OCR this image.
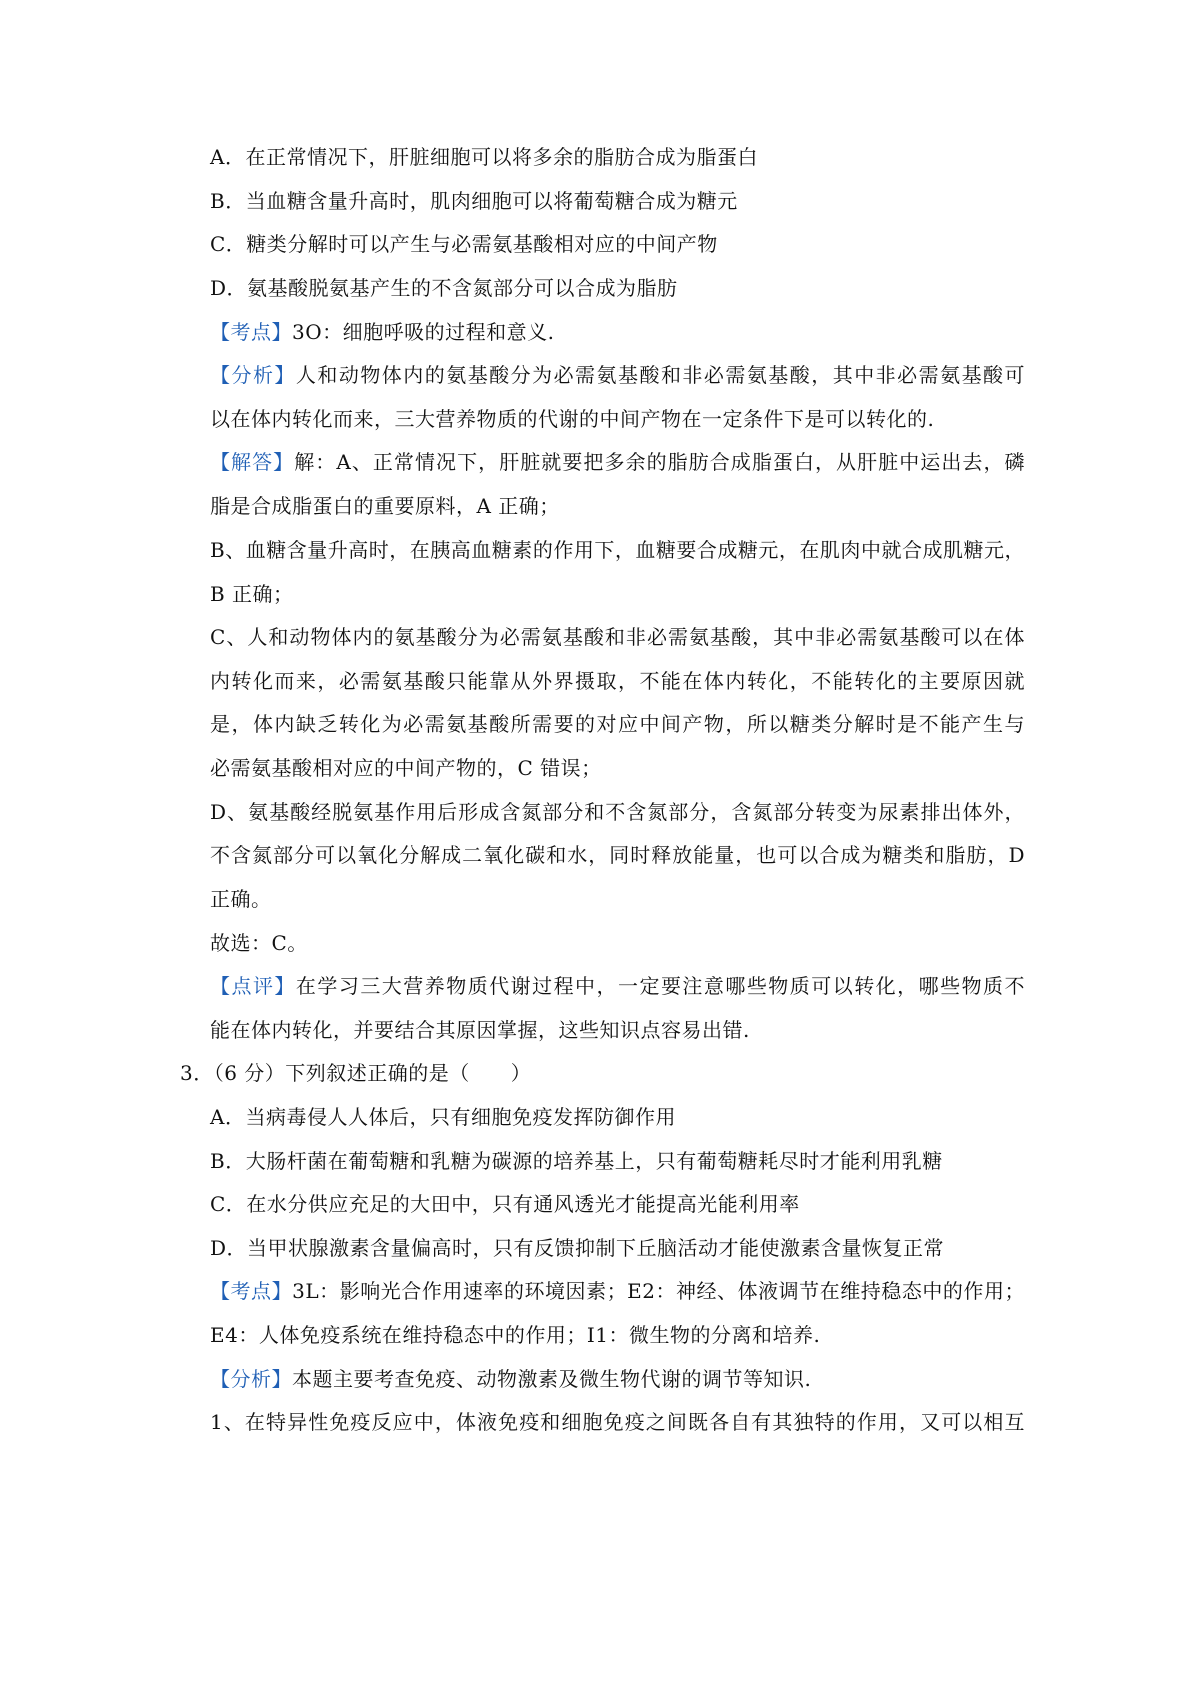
A．在正常情况下，肝脏细胞可以将多余的脂肪合成为脂蛋白
B．当血糖含量升高时，肌肉细胞可以将葡萄糖合成为糖元
C．糖类分解时可以产生与必需氨基酸相对应的中间产物
D．氨基酸脱氨基产生的不含氮部分可以合成为脂肪
【考点】3O：细胞呼吸的过程和意义.
【分析】人和动物体内的氨基酸分为必需氨基酸和非必需氨基酸，其中非必需氨基酸可
以在体内转化而来，三大营养物质的代谢的中间产物在一定条件下是可以转化的.
【解答】解：A、正常情况下，肝脏就要把多余的脂肪合成脂蛋白，从肝脏中运出去，磷
脂是合成脂蛋白的重要原料，A 正确；
B、血糖含量升高时，在胰高血糖素的作用下，血糖要合成糖元，在肌肉中就合成肌糖元，
B 正确；
C、人和动物体内的氨基酸分为必需氨基酸和非必需氨基酸，其中非必需氨基酸可以在体
内转化而来，必需氨基酸只能靠从外界摄取，不能在体内转化，不能转化的主要原因就
是，体内缺乏转化为必需氨基酸所需要的对应中间产物，所以糖类分解时是不能产生与
必需氨基酸相对应的中间产物的，C 错误；
D、氨基酸经脱氨基作用后形成含氮部分和不含氮部分，含氮部分转变为尿素排出体外，
不含氮部分可以氧化分解成二氧化碳和水，同时释放能量，也可以合成为糖类和脂肪，D
正确。
故选：C。
【点评】在学习三大营养物质代谢过程中，一定要注意哪些物质可以转化，哪些物质不
能在体内转化，并要结合其原因掌握，这些知识点容易出错.
3．（6 分）下列叙述正确的是（　　）
A．当病毒侵人人体后，只有细胞免疫发挥防御作用
B．大肠杆菌在葡萄糖和乳糖为碳源的培养基上，只有葡萄糖耗尽时才能利用乳糖
C．在水分供应充足的大田中，只有通风透光才能提高光能利用率
D．当甲状腺激素含量偏高时，只有反馈抑制下丘脑活动才能使激素含量恢复正常
【考点】3L：影响光合作用速率的环境因素；E2：神经、体液调节在维持稳态中的作用；
E4：人体免疫系统在维持稳态中的作用；I1：微生物的分离和培养.
【分析】本题主要考查免疫、动物激素及微生物代谢的调节等知识.
1、在特异性免疫反应中，体液免疫和细胞免疫之间既各自有其独特的作用，又可以相互
